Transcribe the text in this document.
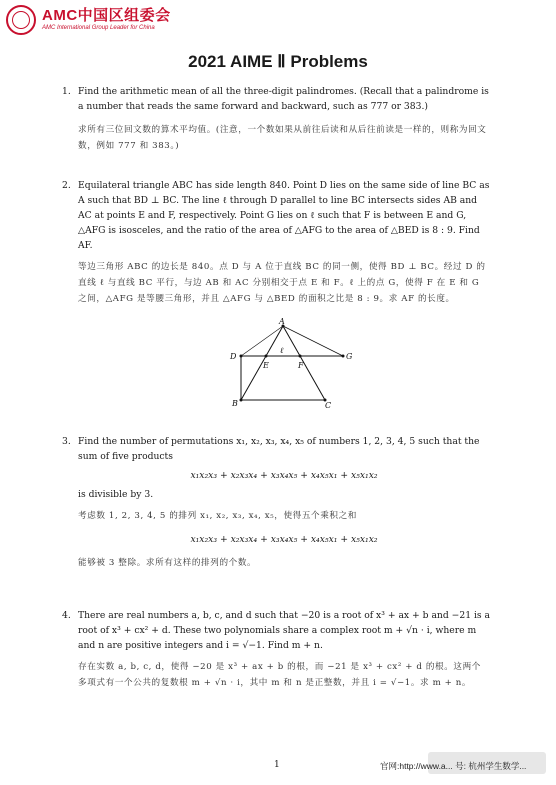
AMC中国区组委会
AMC International Group Leader for China
2021 AIME Ⅱ Problems
1. Find the arithmetic mean of all the three-digit palindromes. (Recall that a palindrome is a number that reads the same forward and backward, such as 777 or 383.)
求所有三位回文数的算术平均值。(注意，一个数如果从前往后读和从后往前读是一样的，则称为回文数，例如 777 和 383。)
2. Equilateral triangle ABC has side length 840. Point D lies on the same side of line BC as A such that BD ⊥ BC. The line ℓ through D parallel to line BC intersects sides AB and AC at points E and F, respectively. Point G lies on ℓ such that F is between E and G, △AFG is isosceles, and the ratio of the area of △AFG to the area of △BED is 8 : 9. Find AF.
等边三角形 ABC 的边长是 840。点 D 与 A 位于直线 BC 的同一侧，使得 BD ⊥ BC。经过 D 的直线 ℓ 与直线 BC 平行，与边 AB 和 AC 分别相交于点 E 和 F。ℓ 上的点 G，使得 F 在 E 和 G 之间，△AFG 是等腰三角形，并且 △AFG 与 △BED 的面积之比是 8 : 9。求 AF 的长度。
A
B	C
D
E	F
G
ℓ
3. Find the number of permutations x₁, x₂, x₃, x₄, x₅ of numbers 1, 2, 3, 4, 5 such that the sum of five products
x₁x₂x₃ + x₂x₃x₄ + x₃x₄x₅ + x₄x₅x₁ + x₅x₁x₂
is divisible by 3.
考虑数 1, 2, 3, 4, 5 的排列 x₁, x₂, x₃, x₄, x₅，使得五个乘积之和
x₁x₂x₃ + x₂x₃x₄ + x₃x₄x₅ + x₄x₅x₁ + x₅x₁x₂
能够被 3 整除。求所有这样的排列的个数。
4. There are real numbers a, b, c, and d such that −20 is a root of x³ + ax + b and −21 is a root of x³ + cx² + d. These two polynomials share a complex root m + √n · i, where m and n are positive integers and i = √−1. Find m + n.
存在实数 a, b, c, d，使得 −20 是 x³ + ax + b 的根，而 −21 是 x³ + cx² + d 的根。这两个多项式有一个公共的复数根 m + √n · i，其中 m 和 n 是正整数，并且 i = √−1。求 m + n。
1	官网:http://www.a... 号: 杭州学生数学...
